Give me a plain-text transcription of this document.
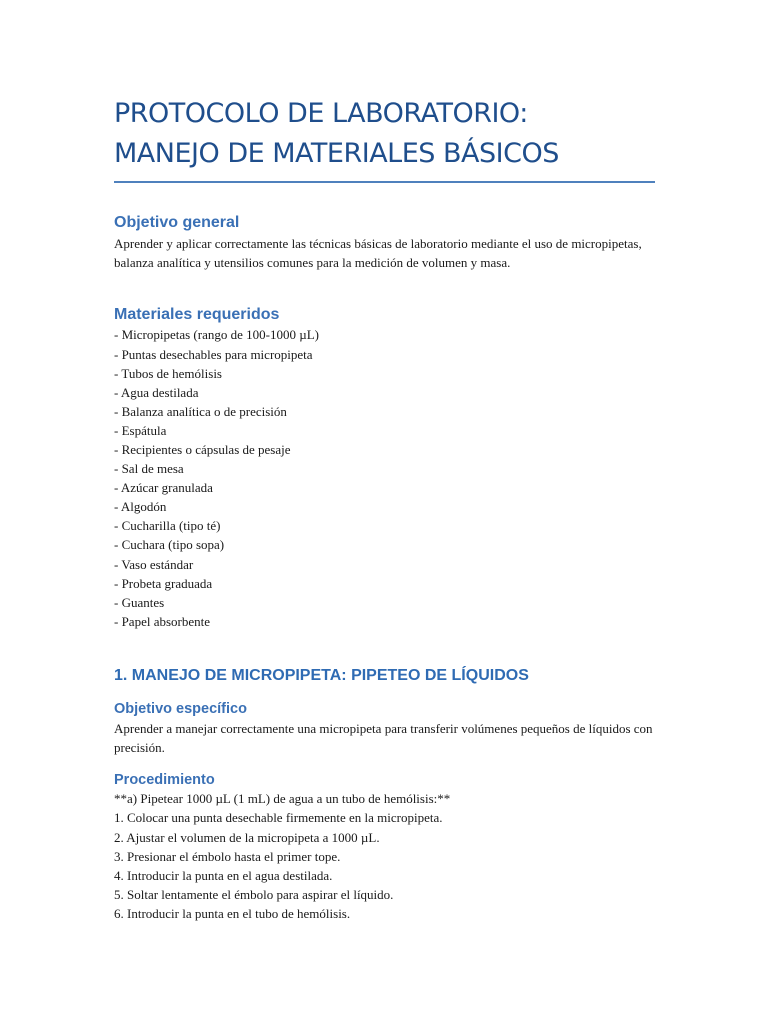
PROTOCOLO DE LABORATORIO:
MANEJO DE MATERIALES BÁSICOS
Objetivo general

Aprender y aplicar correctamente las técnicas básicas de laboratorio mediante el uso de micropipetas, balanza analítica y utensilios comunes para la medición de volumen y masa.

Materiales requeridos
- Micropipetas (rango de 100-1000 µL)
- Puntas desechables para micropipeta
- Tubos de hemólisis
- Agua destilada
- Balanza analítica o de precisión
- Espátula
- Recipientes o cápsulas de pesaje
- Sal de mesa
- Azúcar granulada
- Algodón
- Cucharilla (tipo té)
- Cuchara (tipo sopa)
- Vaso estándar
- Probeta graduada
- Guantes
- Papel absorbente
1. MANEJO DE MICROPIPETA: PIPETEO DE LÍQUIDOS
Objetivo específico

Aprender a manejar correctamente una micropipeta para transferir volúmenes pequeños de líquidos con precisión.

Procedimiento
**a) Pipetear 1000 µL (1 mL) de agua a un tubo de hemólisis:**
1. Colocar una punta desechable firmemente en la micropipeta.
2. Ajustar el volumen de la micropipeta a 1000 µL.
3. Presionar el émbolo hasta el primer tope.
4. Introducir la punta en el agua destilada.
5. Soltar lentamente el émbolo para aspirar el líquido.
6. Introducir la punta en el tubo de hemólisis.
